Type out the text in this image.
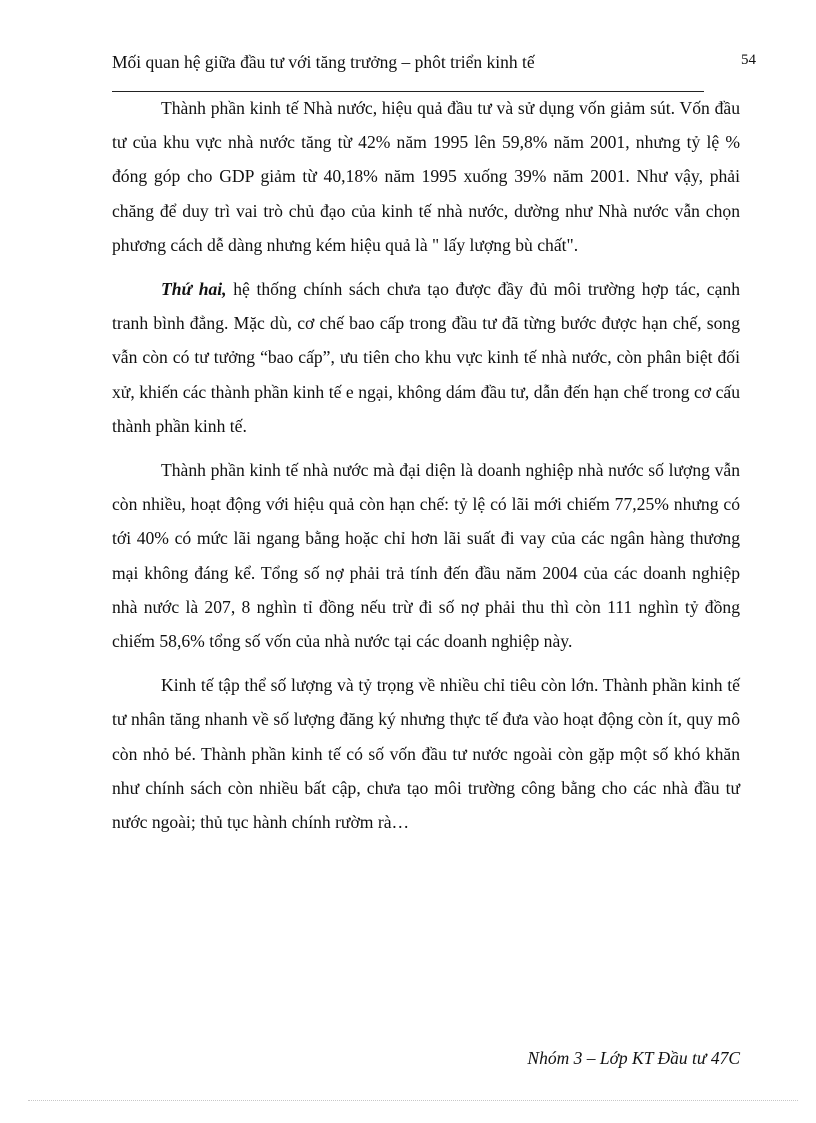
Mối quan hệ giữa đầu tư với tăng trưởng – phôt triển kinh tế	54

Thành phần kinh tế Nhà nước, hiệu quả đầu tư và sử dụng vốn giảm sút. Vốn đầu tư của khu vực nhà nước tăng từ 42% năm 1995 lên 59,8% năm 2001, nhưng tỷ lệ % đóng góp cho GDP giảm từ 40,18% năm 1995 xuống 39% năm 2001. Như vậy, phải chăng để duy trì vai trò chủ đạo của kinh tế nhà nước, dường như Nhà nước vẫn chọn phương cách dễ dàng nhưng kém hiệu quả là " lấy lượng bù chất".

Thứ hai, hệ thống chính sách chưa tạo được đầy đủ môi trường hợp tác, cạnh tranh bình đẳng. Mặc dù, cơ chế bao cấp trong đầu tư đã từng bước được hạn chế, song vẫn còn có tư tưởng “bao cấp”, ưu tiên cho khu vực kinh tế nhà nước, còn phân biệt đối xử, khiến các thành phần kinh tế e ngại, không dám đầu tư, dẫn đến hạn chế trong cơ cấu thành phần kinh tế.

Thành phần kinh tế nhà nước mà đại diện là doanh nghiệp nhà nước số lượng vẫn còn nhiều, hoạt động với hiệu quả còn hạn chế: tỷ lệ có lãi mới chiếm 77,25% nhưng có tới 40% có mức lãi ngang bằng hoặc chỉ hơn lãi suất đi vay của các ngân hàng thương mại không đáng kể. Tổng số nợ phải trả tính đến đầu năm 2004 của các doanh nghiệp nhà nước là 207, 8 nghìn tỉ đồng nếu trừ đi số nợ phải thu thì còn 111 nghìn tỷ đồng chiếm 58,6% tổng số vốn của nhà nước tại các doanh nghiệp này.

Kinh tế tập thể số lượng và tỷ trọng về nhiều chỉ tiêu còn lớn. Thành phần kinh tế tư nhân tăng nhanh về số lượng đăng ký nhưng thực tế đưa vào hoạt động còn ít, quy mô còn nhỏ bé. Thành phần kinh tế có số vốn đầu tư nước ngoài còn gặp một số khó khăn như chính sách còn nhiều bất cập, chưa tạo môi trường công bằng cho các nhà đầu tư nước ngoài; thủ tục hành chính rườm rà…

Nhóm 3 – Lớp KT Đầu tư 47C
